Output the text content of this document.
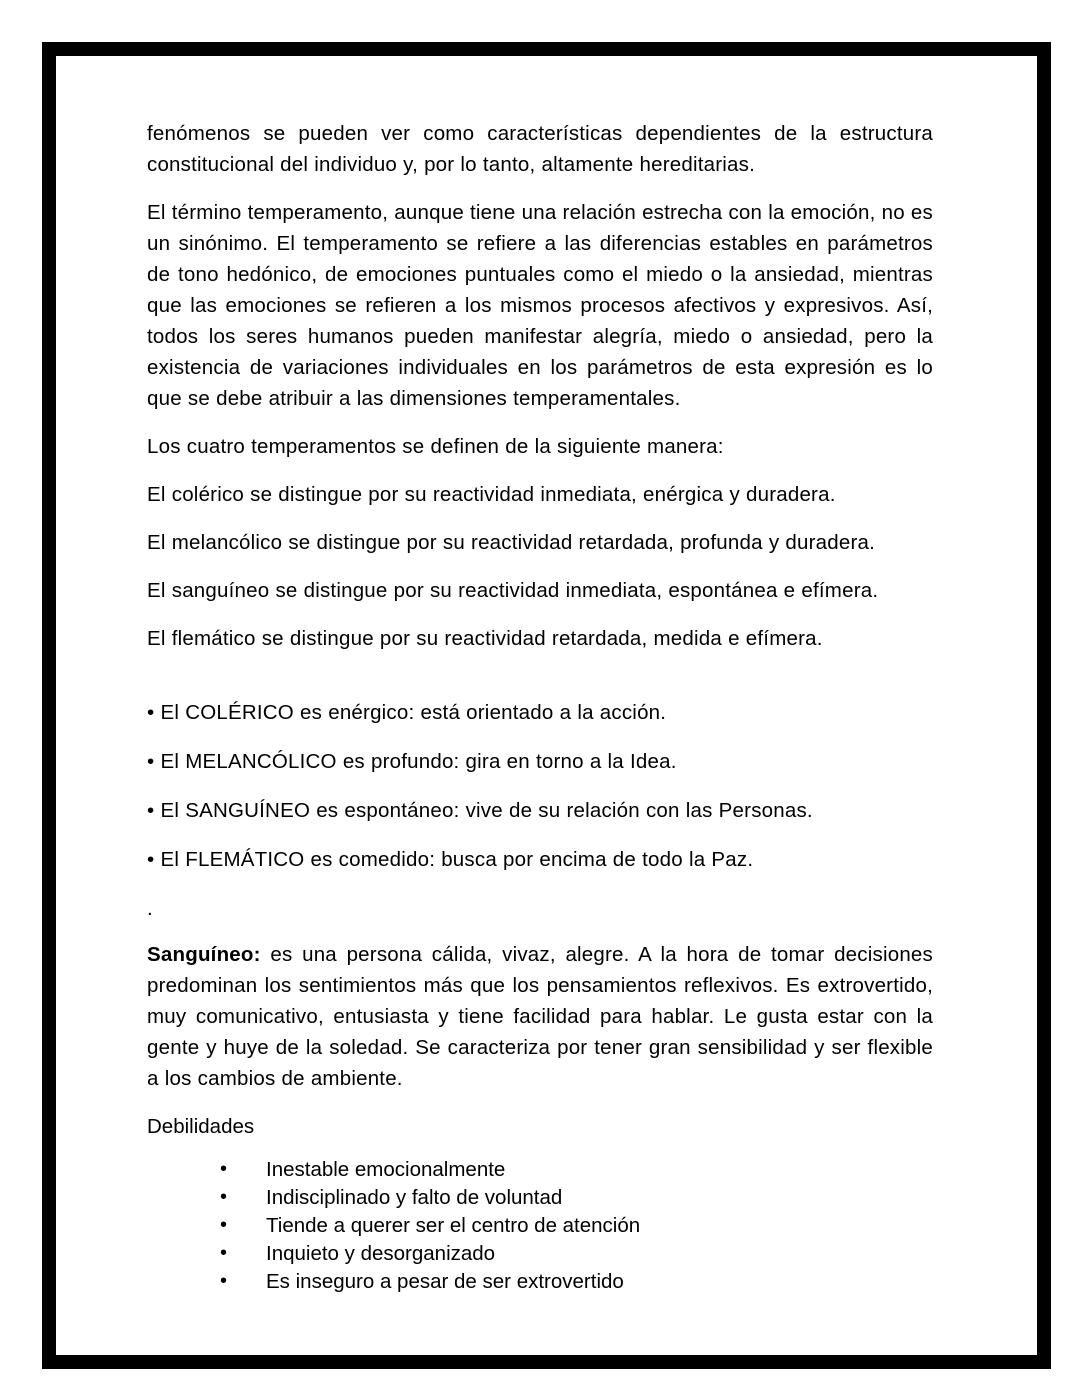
fenómenos se pueden ver como características dependientes de la estructura constitucional del individuo y, por lo tanto, altamente hereditarias.

El término temperamento, aunque tiene una relación estrecha con la emoción, no es un sinónimo. El temperamento se refiere a las diferencias estables en parámetros de tono hedónico, de emociones puntuales como el miedo o la ansiedad, mientras que las emociones se refieren a los mismos procesos afectivos y expresivos. Así, todos los seres humanos pueden manifestar alegría, miedo o ansiedad, pero la existencia de variaciones individuales en los parámetros de esta expresión es lo que se debe atribuir a las dimensiones temperamentales.

Los cuatro temperamentos se definen de la siguiente manera:

El colérico se distingue por su reactividad inmediata, enérgica y duradera.

El melancólico se distingue por su reactividad retardada, profunda y duradera.

El sanguíneo se distingue por su reactividad inmediata, espontánea e efímera.

El flemático se distingue por su reactividad retardada, medida e efímera.

• El COLÉRICO es enérgico: está orientado a la acción.

• El MELANCÓLICO es profundo: gira en torno a la Idea.

• El SANGUÍNEO es espontáneo: vive de su relación con las Personas.

• El FLEMÁTICO es comedido: busca por encima de todo la Paz.

.

Sanguíneo: es una persona cálida, vivaz, alegre. A la hora de tomar decisiones predominan los sentimientos más que los pensamientos reflexivos. Es extrovertido, muy comunicativo, entusiasta y tiene facilidad para hablar. Le gusta estar con la gente y huye de la soledad. Se caracteriza por tener gran sensibilidad y ser flexible a los cambios de ambiente.

Debilidades

• Inestable emocionalmente
• Indisciplinado y falto de voluntad
• Tiende a querer ser el centro de atención
• Inquieto y desorganizado
• Es inseguro a pesar de ser extrovertido
